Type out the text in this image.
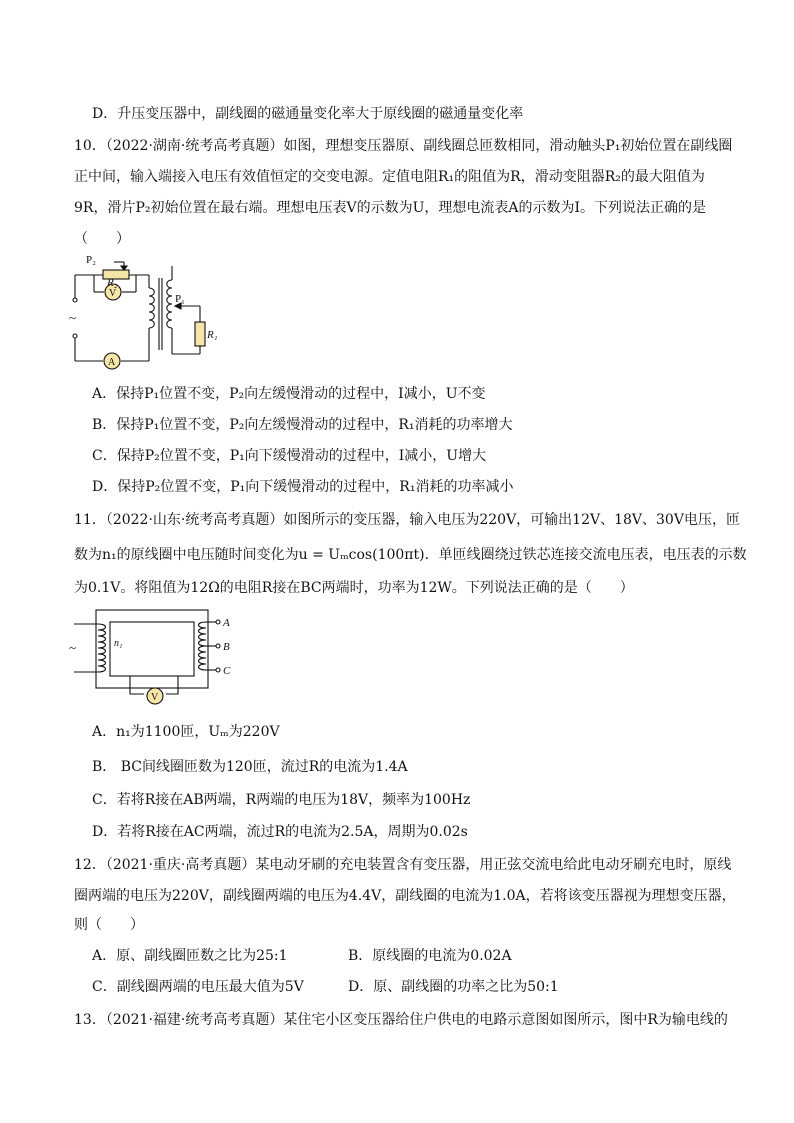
D．升压变压器中，副线圈的磁通量变化率大于原线圈的磁通量变化率
10．（2022·湖南·统考高考真题）如图，理想变压器原、副线圈总匝数相同，滑动触头P₁初始位置在副线圈
正中间，输入端接入电压有效值恒定的交变电源。定值电阻R₁的阻值为R，滑动变阻器R₂的最大阻值为
9R，滑片P₂初始位置在最右端。理想电压表V的示数为U，理想电流表A的示数为I。下列说法正确的是
（　　）
P₂
R₂
V	P₁
R₁
A
~
A．保持P₁位置不变，P₂向左缓慢滑动的过程中，I减小，U不变
B．保持P₁位置不变，P₂向左缓慢滑动的过程中，R₁消耗的功率增大
C．保持P₂位置不变，P₁向下缓慢滑动的过程中，I减小，U增大
D．保持P₂位置不变，P₁向下缓慢滑动的过程中，R₁消耗的功率减小
11．（2022·山东·统考高考真题）如图所示的变压器，输入电压为220V，可输出12V、18V、30V电压，匝
数为n₁的原线圈中电压随时间变化为u = Uₘcos(100πt)．单匝线圈绕过铁芯连接交流电压表，电压表的示数
为0.1V。将阻值为12Ω的电阻R接在BC两端时，功率为12W。下列说法正确的是（　　）
~	n₁
A
B
C
V
A．n₁为1100匝，Uₘ为220V
B． BC间线圈匝数为120匝，流过R的电流为1.4A
C．若将R接在AB两端，R两端的电压为18V，频率为100Hz
D．若将R接在AC两端，流过R的电流为2.5A，周期为0.02s
12．（2021·重庆·高考真题）某电动牙刷的充电装置含有变压器，用正弦交流电给此电动牙刷充电时，原线
圈两端的电压为220V，副线圈两端的电压为4.4V，副线圈的电流为1.0A，若将该变压器视为理想变压器，
则（　　）
A．原、副线圈匝数之比为25:1	B．原线圈的电流为0.02A
C．副线圈两端的电压最大值为5V	D．原、副线圈的功率之比为50:1
13．（2021·福建·统考高考真题）某住宅小区变压器给住户供电的电路示意图如图所示，图中R为输电线的
